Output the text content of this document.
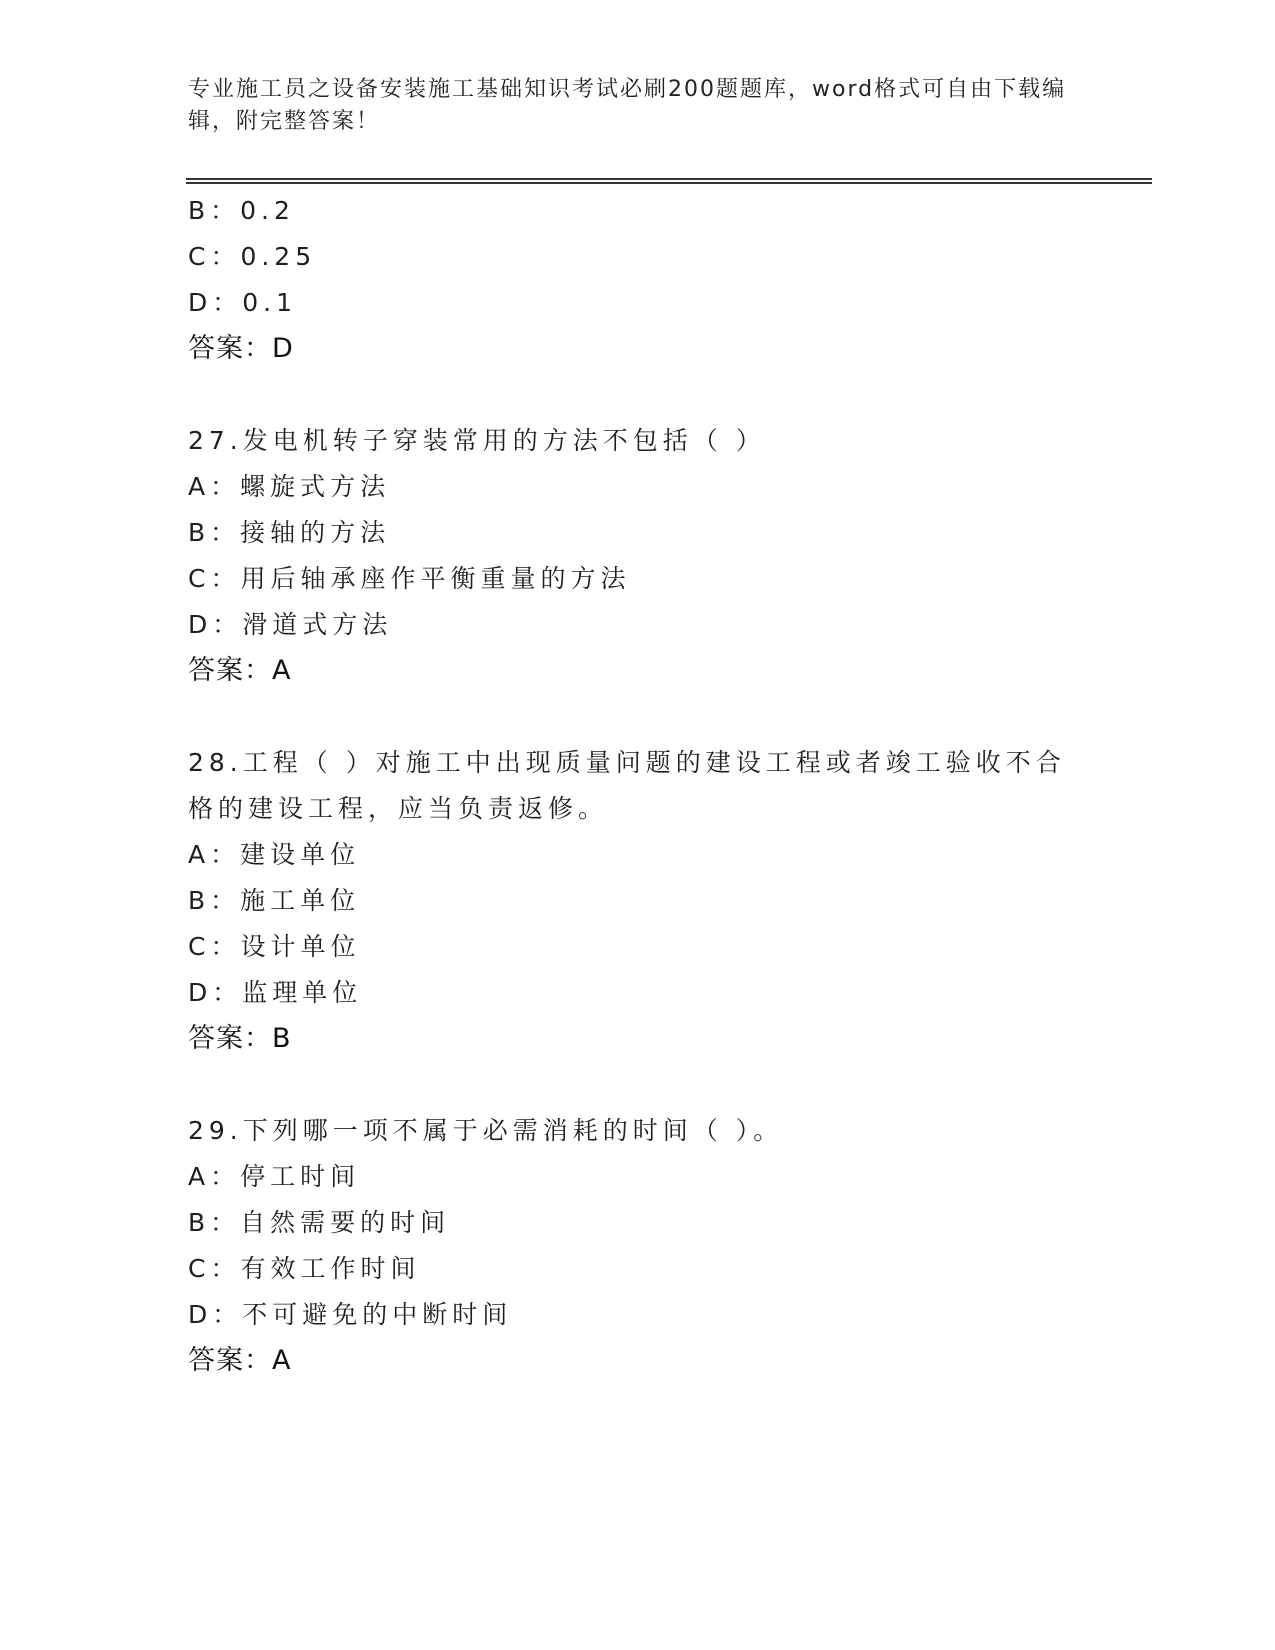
专业施工员之设备安装施工基础知识考试必刷200题题库，word格式可自由下载编辑，附完整答案！
B：0.2
C：0.25
D：0.1
答案：D
27.发电机转子穿装常用的方法不包括（ ）
A：螺旋式方法
B：接轴的方法
C：用后轴承座作平衡重量的方法
D：滑道式方法
答案：A
28.工程（ ）对施工中出现质量问题的建设工程或者竣工验收不合格的建设工程，应当负责返修。
A：建设单位
B：施工单位
C：设计单位
D：监理单位
答案：B
29.下列哪一项不属于必需消耗的时间（ ）。
A：停工时间
B：自然需要的时间
C：有效工作时间
D：不可避免的中断时间
答案：A
